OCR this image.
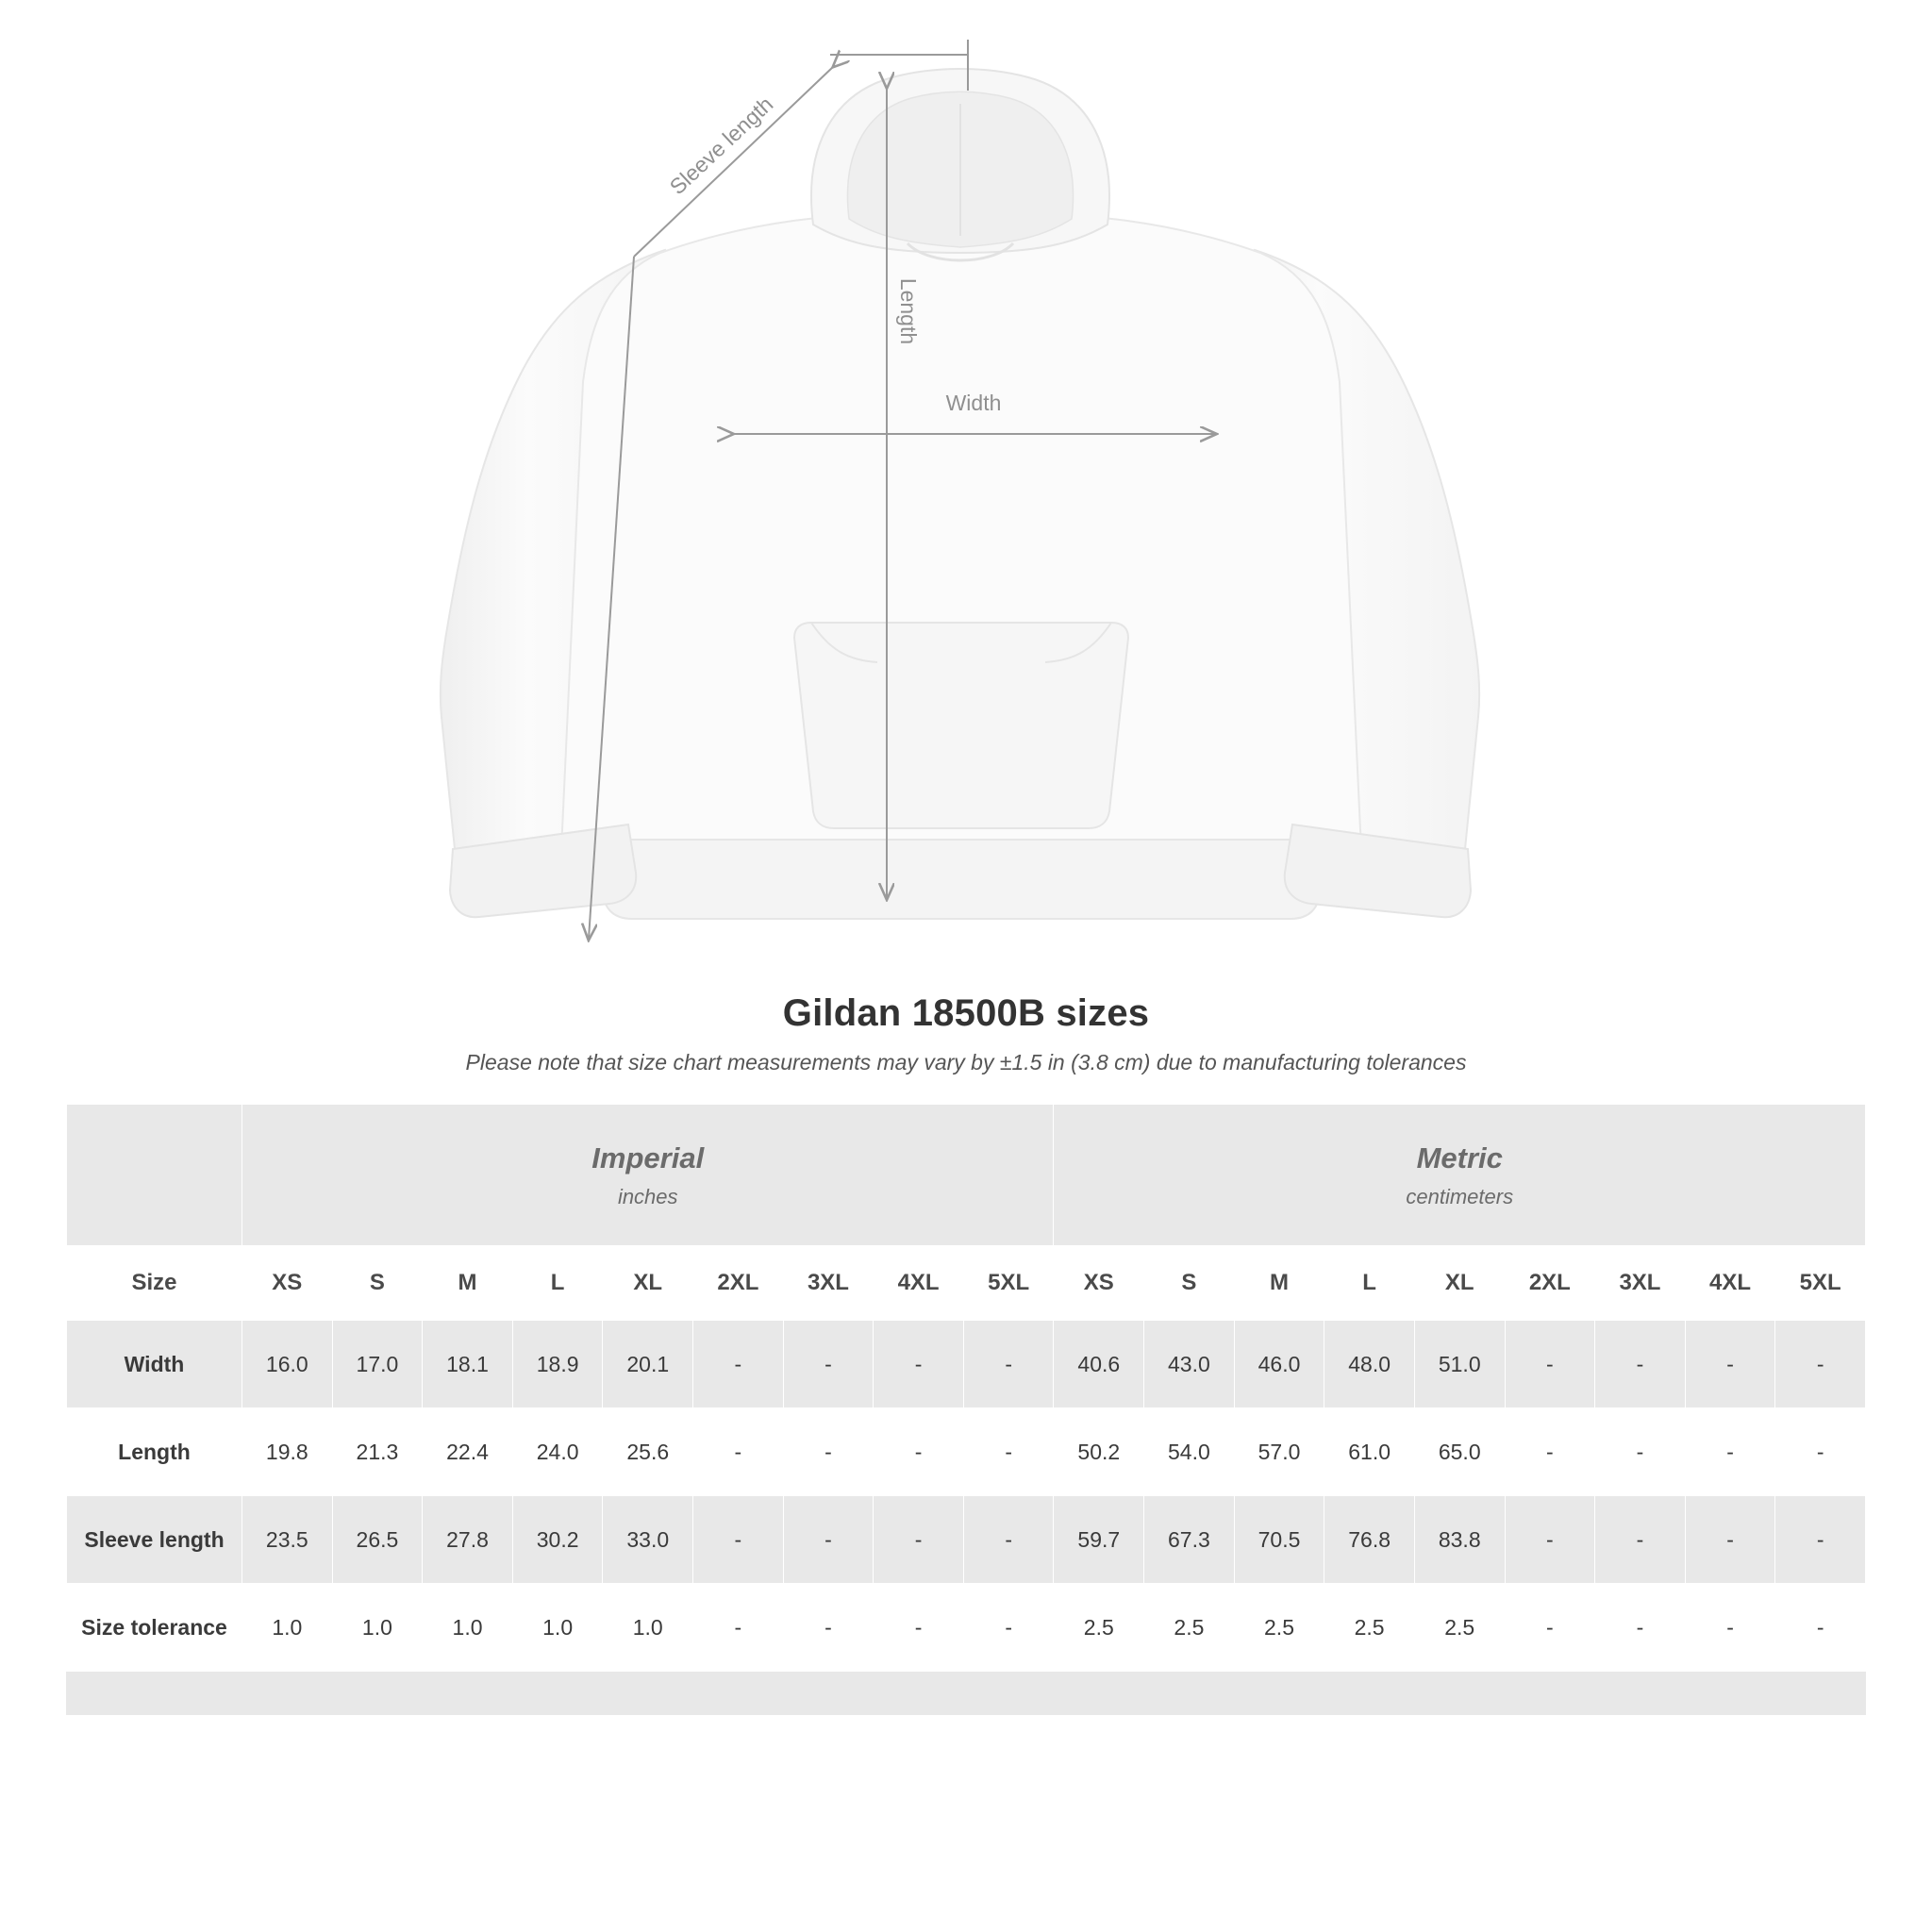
Sleeve length
Length
Width
Gildan 18500B sizes
Please note that size chart measurements may vary by ±1.5 in (3.8 cm) due to manufacturing tolerances

Imperial
inches

Metric
centimeters

Size	XS	S	M	L	XL	2XL	3XL	4XL	5XL	XS	S	M	L	XL	2XL	3XL	4XL	5XL
Width	16.0	17.0	18.1	18.9	20.1	-	-	-	-	40.6	43.0	46.0	48.0	51.0	-	-	-	-
Length	19.8	21.3	22.4	24.0	25.6	-	-	-	-	50.2	54.0	57.0	61.0	65.0	-	-	-	-
Sleeve length	23.5	26.5	27.8	30.2	33.0	-	-	-	-	59.7	67.3	70.5	76.8	83.8	-	-	-	-
Size tolerance	1.0	1.0	1.0	1.0	1.0	-	-	-	-	2.5	2.5	2.5	2.5	2.5	-	-	-	-
